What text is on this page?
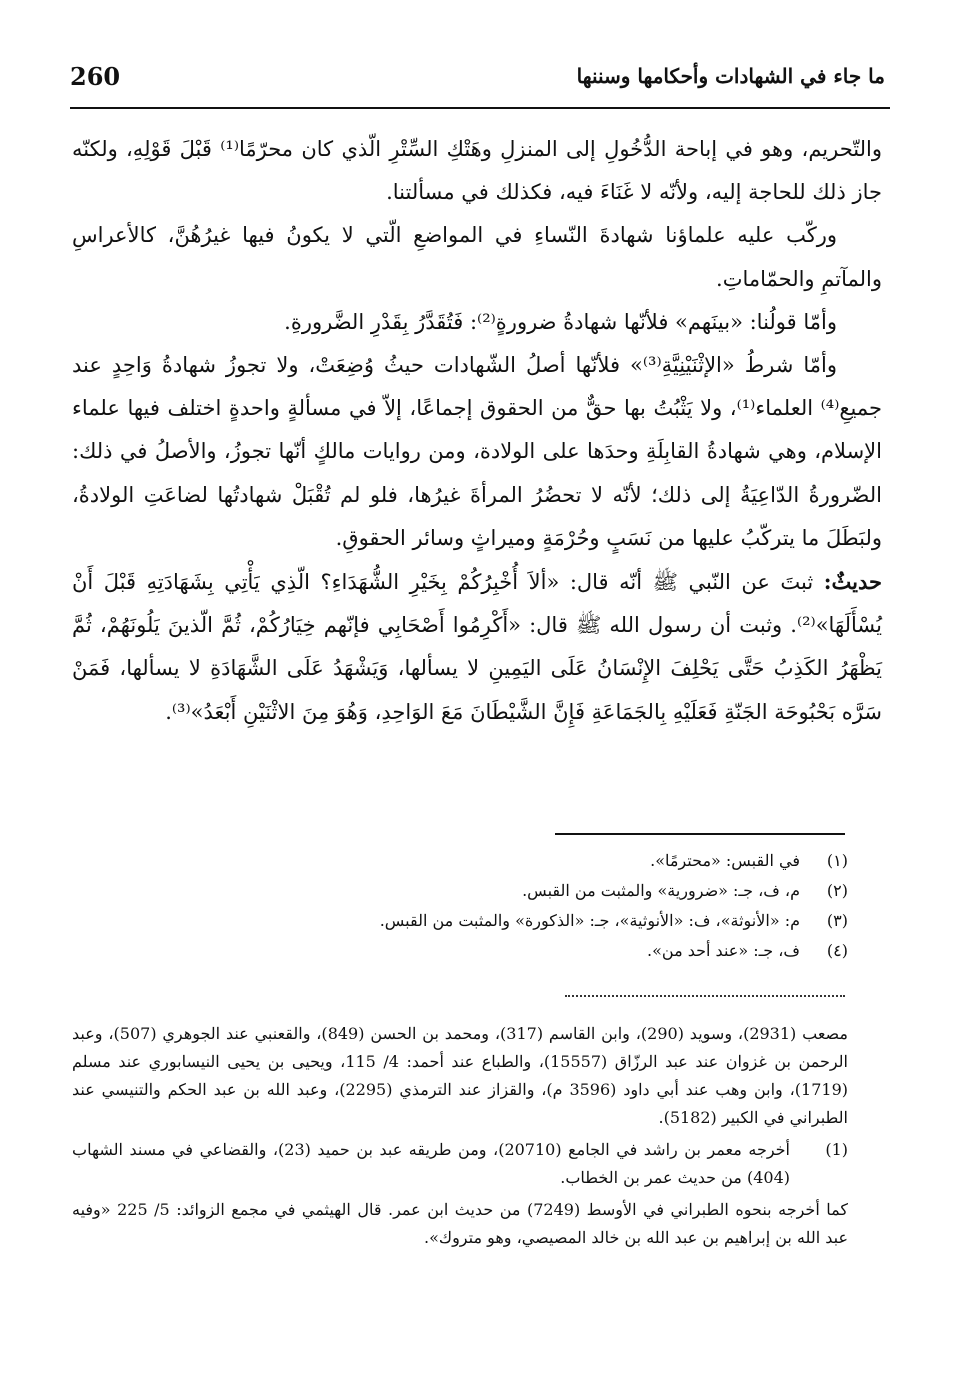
260	ما جاء في الشهادات وأحكامها وسننها

والتّحريم، وهو في إباحة الدُّخُولِ إلى المنزلِ وهَتْكِ السِّتْرِ الّذي كان محرّمًا⁽¹⁾ قَبْلَ قَوْلِهِ، ولكنّه جاز ذلك للحاجة إليه، ولأنّه لا غَنَاءَ فيه، فكذلك في مسألتنا.

وركّب عليه علماؤنا شهادةَ النّساءِ في المواضعِ الّتي لا يكونُ فيها غيرُهُنَّ، كالأعراسِ والمآتمِ والحمّاماتِ.

وأمّا قولُنا: «بينَهم» فلأنّها شهادةُ ضرورةٍ⁽²⁾: فَتُقَدَّرُ بِقَدْرِ الضَّرورةِ.

وأمّا شرطُ «الإثْنَيْنِيَّةِ⁽³⁾» فلأنّها أصلُ الشّهادات حيثُ وُضِعَتْ، ولا تجوزُ شهادةُ وَاحِدٍ عند جميعِ⁽⁴⁾ العلماء⁽¹⁾، ولا يَثْبُتُ بها حقٌّ من الحقوق إجماعًا، إلاّ في مسألةٍ واحدةٍ اختلف فيها علماء الإسلام، وهي شهادةُ القابِلَةِ وحدَها على الولادة، ومن روايات مالكٍ أنّها تجوزُ، والأصلُ في ذلك: الضّرورةُ الدّاعِيَةُ إلى ذلك؛ لأنّه لا تحضُرُ المرأةَ غيرُها، فلو لم تُقْبَلْ شهادتُها لضاعَتِ الولادةُ، ولبَطَلَ ما يتركّبُ عليها من نَسَبٍ وحُرْمَةٍ وميراثٍ وسائر الحقوقِ.

حديثٌ: ثبتَ عن النّبي ﷺ أنّه قال: «ألاَ أُخْبِرُكُمْ بِخَيْرِ الشُّهَدَاءِ؟ الّذِي يَأْتِي بِشَهَادَتِهِ قَبْلَ أَنْ يُسْأَلَهَا»⁽²⁾. وثبت أن رسول الله ﷺ قال: «أَكْرِمُوا أَصْحَابِي فإنّهم خِيَارُكُمْ، ثُمَّ الّذينَ يَلُونَهُمْ، ثُمَّ يَظْهَرُ الكَذِبُ حَتَّى يَحْلِفَ الإِنْسَانُ عَلَى اليَمِينِ لا يسألها، وَيَشْهَدُ عَلَى الشَّهَادَةِ لا يسألها، فَمَنْ سَرَّه بَحْبُوحَة الجَنّةِ فَعَلَيْهِ بِالجَمَاعَةِ فَإِنَّ الشَّيْطَانَ مَعَ الوَاحِدِ، وَهُوَ مِنَ الاثْنَيْنِ أَبْعَدُ»⁽³⁾.

(١)
في القبس: «محترمًا».
(٢)
م، ف، جـ: «ضرورية» والمثبت من القبس.
(٣)
م: «الأنوثة»، ف: «الأنوثية»، جـ: «الذكورة» والمثبت من القبس.
(٤)
ف، جـ: «عند أحد من».

مصعب (2931)، وسويد (290)، وابن القاسم (317)، ومحمد بن الحسن (849)، والقعنبي عند الجوهري (507)، وعبد الرحمن بن غزوان عند عبد الرزّاق (15557)، والطباع عند أحمد: 4/ 115، ويحيى بن يحيى النيسابوري عند مسلم (1719)، وابن وهب عند أبي داود (3596 م)، والقزاز عند الترمذي (2295)، وعبد الله بن عبد الحكم والتنيسي عند الطبراني في الكبير (5182).

(1)
أخرجه معمر بن راشد في الجامع (20710)، ومن طريقه عبد بن حميد (23)، والقضاعي في مسند الشهاب (404) من حديث عمر بن الخطاب.

كما أخرجه بنحوه الطبراني في الأوسط (7249) من حديث ابن عمر. قال الهيثمي في مجمع الزوائد: 5/ 225 «وفيه عبد الله بن إبراهيم بن عبد الله بن خالد المصيصي، وهو متروك».
